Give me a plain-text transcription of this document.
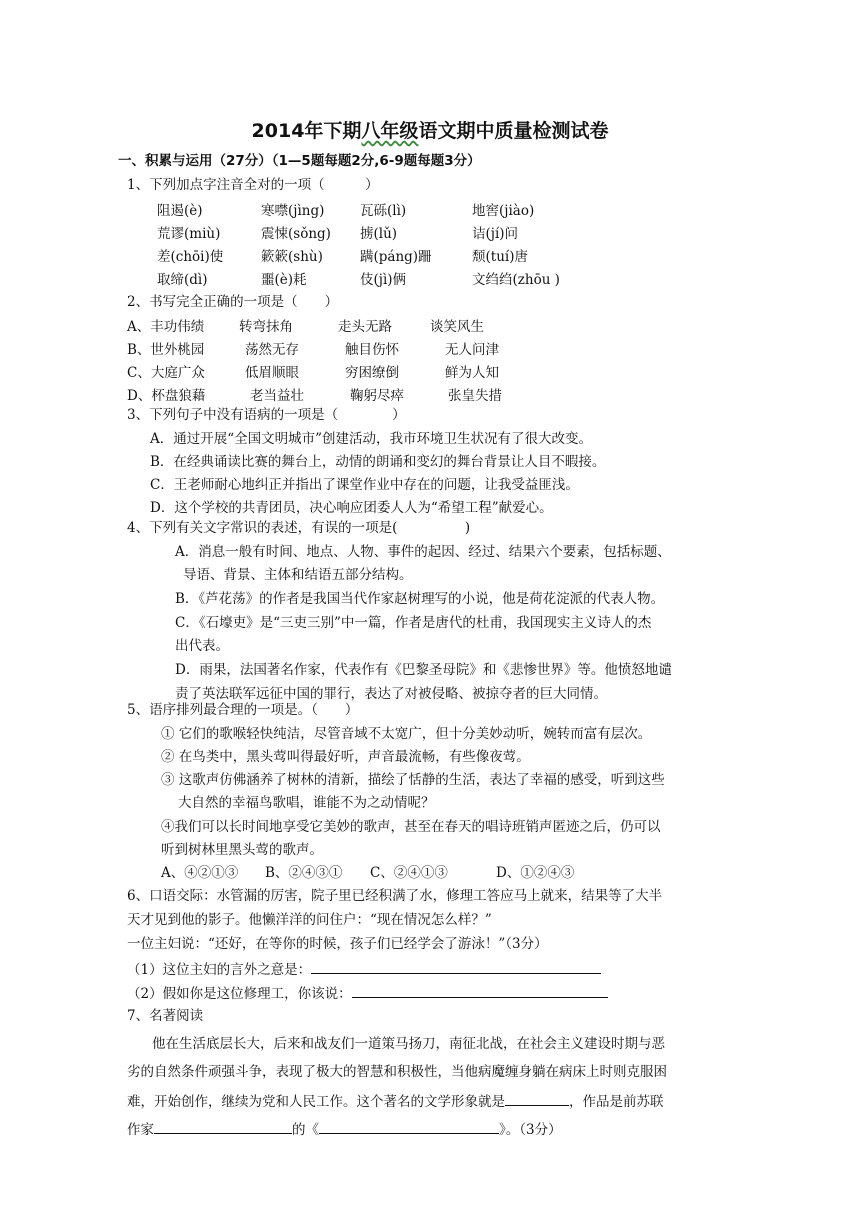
2014年下期八年级语文期中质量检测试卷
一、积累与运用（27分）（1—5题每题2分,6-9题每题3分）
1、下列加点字注音全对的一项（　　　）
阻遏(è)	寒噤(jìng)	瓦砾(lì)	地窖(jiào)
荒谬(miù)	震悚(sǒng) 掳(lǔ)	诘(jí)问
差(chōi)使	簌簌(shù)	蹒(páng)跚	颓(tuí)唐
取缔(dì)	噩(è)耗	伎(jì)俩	文绉绉(zhōu )
2、书写完全正确的一项是（　　）
A、丰功伟绩	转弯抹角	走头无路	谈笑风生
B、世外桃园	荡然无存	触目伤怀	无人问津
C、大庭广众	低眉顺眼	穷困缭倒	鲜为人知
D、杯盘狼藉	老当益壮	鞠躬尽瘁	张皇失措
3、下列句子中没有语病的一项是（　　　　）
A．通过开展“全国文明城市”创建活动，我市环境卫生状况有了很大改变。
B．在经典诵读比赛的舞台上，动情的朗诵和变幻的舞台背景让人目不暇接。
C．王老师耐心地纠正并指出了课堂作业中存在的问题，让我受益匪浅。
D．这个学校的共青团员，决心响应团委人人为“希望工程”献爱心。
4、下列有关文字常识的表述，有误的一项是(　　　　　)
A．消息一般有时间、地点、人物、事件的起因、经过、结果六个要素，包括标题、
导语、背景、主体和结语五部分结构。
B．《芦花荡》的作者是我国当代作家赵树理写的小说，他是荷花淀派的代表人物。
C．《石壕吏》是“三吏三别”中一篇，作者是唐代的杜甫，我国现实主义诗人的杰
出代表。
D．雨果，法国著名作家，代表作有《巴黎圣母院》和《悲惨世界》等。他愤怒地谴
责了英法联军远征中国的罪行，表达了对被侵略、被掠夺者的巨大同情。
5、语序排列最合理的一项是。（　　）
① 它们的歌喉轻快纯洁，尽管音域不太宽广，但十分美妙动听，婉转而富有层次。
② 在鸟类中，黑头莺叫得最好听，声音最流畅，有些像夜莺。
③ 这歌声仿佛涵养了树林的清新，描绘了恬静的生活，表达了幸福的感受，听到这些
大自然的幸福鸟歌唱，谁能不为之动情呢？
④我们可以长时间地享受它美妙的歌声，甚至在春天的唱诗班销声匿迹之后，仍可以
听到树林里黑头莺的歌声。
A、④②①③ B、②④③① C、②④①③	D、①②④③
6、口语交际：水管漏的厉害，院子里已经积满了水，修理工答应马上就来，结果等了大半
天才见到他的影子。他懒洋洋的问住户：“现在情况怎么样？”
一位主妇说：“还好，在等你的时候，孩子们已经学会了游泳！”（3分）
（1）这位主妇的言外之意是：
（2）假如你是这位修理工，你该说：
7、名著阅读
他在生活底层长大，后来和战友们一道策马扬刀，南征北战，在社会主义建设时期与恶
劣的自然条件顽强斗争，表现了极大的智慧和积极性，当他病魔缠身躺在病床上时则克服困
难，开始创作，继续为党和人民工作。这个著名的文学形象就是	，作品是前苏联
作家	的《	》。（3分）
